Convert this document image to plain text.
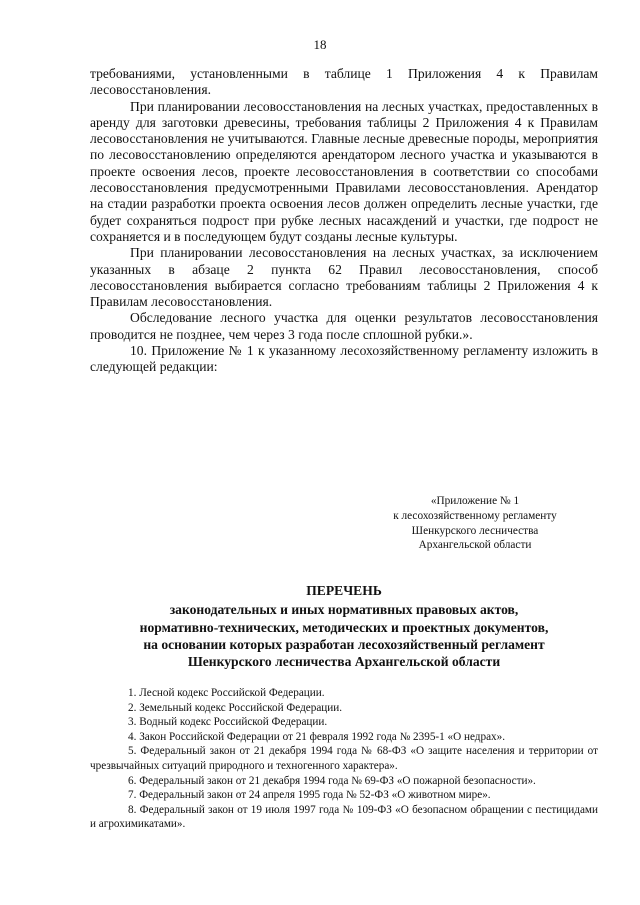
18

требованиями, установленными в таблице 1 Приложения 4 к Правилам лесовосстановления.

При планировании лесовосстановления на лесных участках, предоставленных в аренду для заготовки древесины, требования таблицы 2 Приложения 4 к Правилам лесовосстановления не учитываются. Главные лесные древесные породы, мероприятия по лесовосстановлению определяются арендатором лесного участка и указываются в проекте освоения лесов, проекте лесовосстановления в соответствии со способами лесовосстановления предусмотренными Правилами лесовосстановления. Арендатор на стадии разработки проекта освоения лесов должен определить лесные участки, где будет сохраняться подрост при рубке лесных насаждений и участки, где подрост не сохраняется и в последующем будут созданы лесные культуры.

При планировании лесовосстановления на лесных участках, за исключением указанных в абзаце 2 пункта 62 Правил лесовосстановления, способ лесовосстановления выбирается согласно требованиям таблицы 2 Приложения 4 к Правилам лесовосстановления.

Обследование лесного участка для оценки результатов лесовосстановления проводится не позднее, чем через 3 года после сплошной рубки.».

10. Приложение № 1 к указанному лесохозяйственному регламенту изложить в следующей редакции:

«Приложение № 1
к лесохозяйственному регламенту
Шенкурского лесничества
Архангельской области
ПЕРЕЧЕНЬ
законодательных и иных нормативных правовых актов,
нормативно-технических, методических и проектных документов,
на основании которых разработан лесохозяйственный регламент
Шенкурского лесничества Архангельской области

1. Лесной кодекс Российской Федерации.

2. Земельный кодекс Российской Федерации.

3. Водный кодекс Российской Федерации.

4. Закон Российской Федерации от 21 февраля 1992 года № 2395-1 «О недрах».

5. Федеральный закон от 21 декабря 1994 года № 68-ФЗ «О защите населения и территории от чрезвычайных ситуаций природного и техногенного характера».

6. Федеральный закон от 21 декабря 1994 года № 69-ФЗ «О пожарной безопасности».

7. Федеральный закон от 24 апреля 1995 года № 52-ФЗ «О животном мире».

8. Федеральный закон от 19 июля 1997 года № 109-ФЗ «О безопасном обращении с пестицидами и агрохимикатами».
